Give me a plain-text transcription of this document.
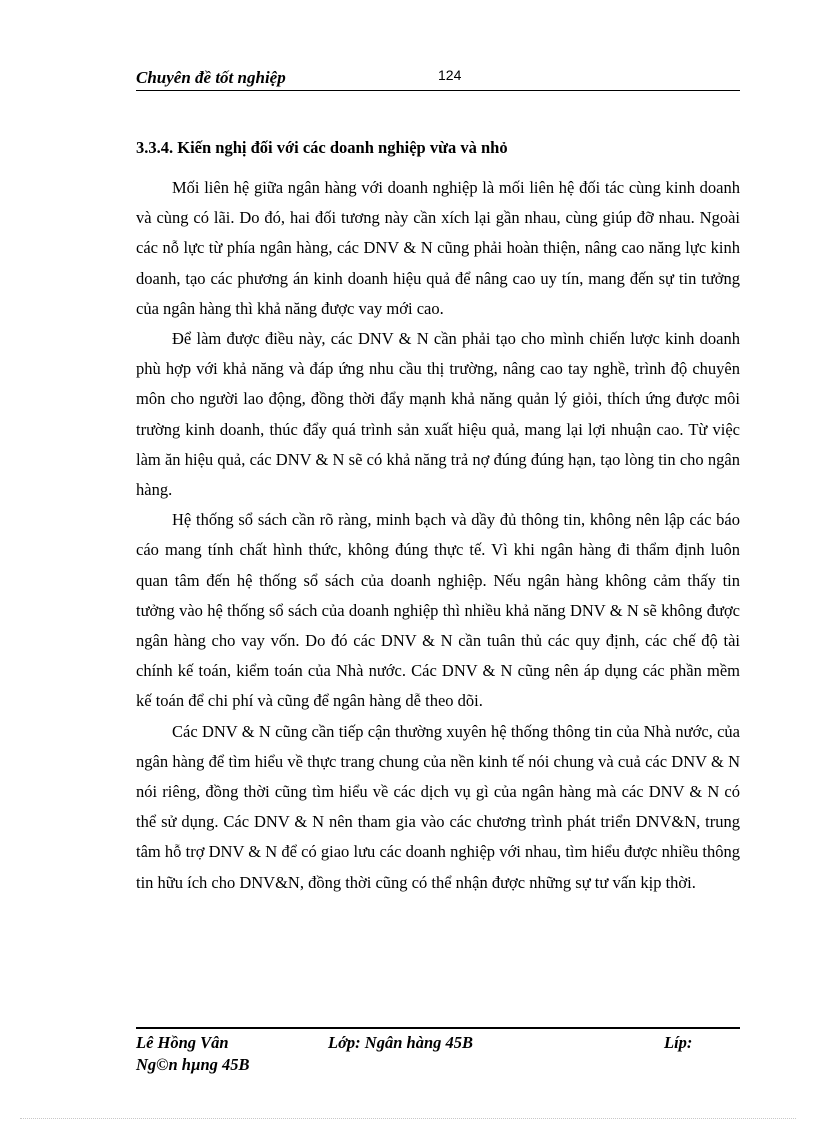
Chuyên đề tốt nghiệp	124
3.3.4. Kiến nghị đối với các doanh nghiệp vừa và nhỏ

Mối liên hệ giữa ngân hàng với doanh nghiệp là mối liên hệ đối tác cùng kinh doanh và cùng có lãi. Do đó, hai đối tương này cần xích lại gần nhau, cùng giúp đỡ nhau. Ngoài các nỗ lực từ phía ngân hàng, các DNV & N cũng phải hoàn thiện, nâng cao năng lực kinh doanh, tạo các phương án kinh doanh hiệu quả để nâng cao uy tín, mang đến sự tin tưởng của ngân hàng thì khả năng được vay mới cao.

Để làm được điều này, các DNV & N cần phải tạo cho mình chiến lược kinh doanh phù hợp với khả năng và đáp ứng nhu cầu thị trường, nâng cao tay nghề, trình độ chuyên môn cho người lao động, đồng thời đẩy mạnh khả năng quản lý giỏi, thích ứng được môi trường kinh doanh, thúc đẩy quá trình sản xuất hiệu quả, mang lại lợi nhuận cao. Từ việc làm ăn hiệu quả, các DNV & N sẽ có khả năng trả nợ đúng đúng hạn, tạo lòng tin cho ngân hàng.

Hệ thống sổ sách cần rõ ràng, minh bạch và dầy đủ thông tin, không nên lập các báo cáo mang tính chất hình thức, không đúng thực tế. Vì khi ngân hàng đi thẩm định luôn quan tâm đến hệ thống sổ sách của doanh nghiệp. Nếu ngân hàng không cảm thấy tin tưởng vào hệ thống sổ sách của doanh nghiệp thì nhiều khả năng DNV & N sẽ không được ngân hàng cho vay vốn. Do đó các DNV & N cần tuân thủ các quy định, các chế độ tài chính kế toán, kiểm toán của Nhà nước. Các DNV & N cũng nên áp dụng các phần mềm kế toán để chi phí và cũng để ngân hàng dễ theo dõi.

Các DNV & N cũng cần tiếp cận thường xuyên hệ thống thông tin của Nhà nước, của ngân hàng để tìm hiểu về thực trang chung của nền kinh tế nói chung và cuả các DNV & N nói riêng, đồng thời cũng tìm hiểu về các dịch vụ gì của ngân hàng mà các DNV & N có thể sử dụng. Các DNV & N nên tham gia vào các chương trình phát triển DNV&N, trung tâm hỗ trợ DNV & N để có giao lưu các doanh nghiệp với nhau, tìm hiểu được nhiều thông tin hữu ích cho DNV&N, đồng thời cũng có thể nhận được những sự tư vấn kịp thời.

Lê Hồng Vân	Lớp: Ngân hàng 45B	Líp:
Ng©n hµng 45B
